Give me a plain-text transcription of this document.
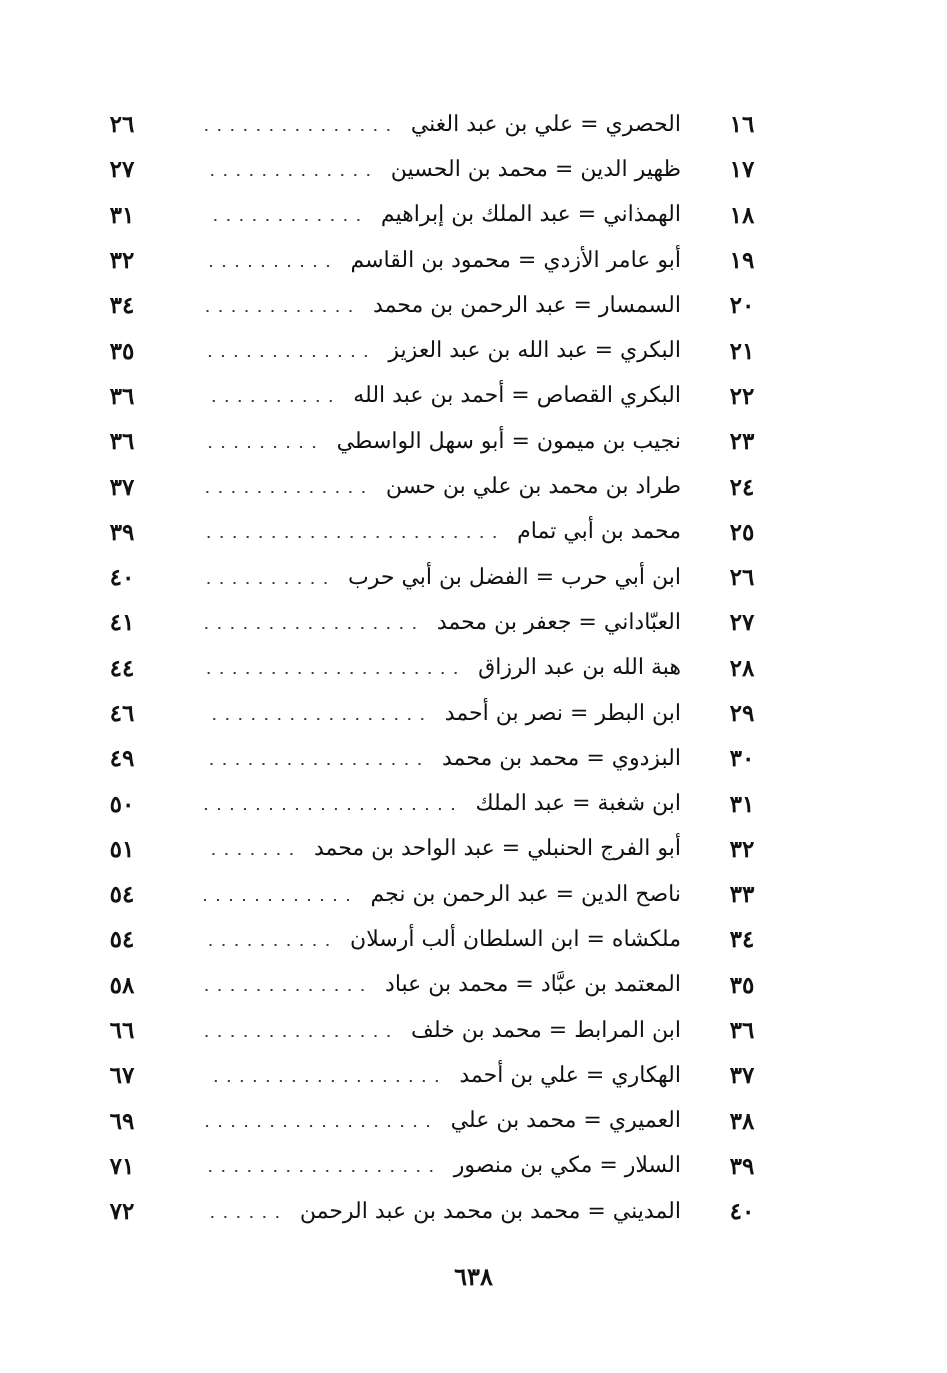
١٦
الحصري = علي بن عبد الغني
٢٦
١٧
ظهير الدين = محمد بن الحسين
٢٧
١٨
الهمذاني = عبد الملك بن إبراهيم
٣١
١٩
أبو عامر الأزدي = محمود بن القاسم
٣٢
٢٠
السمسار = عبد الرحمن بن محمد
٣٤
٢١
البكري = عبد الله بن عبد العزيز
٣٥
٢٢
البكري القصاص = أحمد بن عبد الله
٣٦
٢٣
نجيب بن ميمون = أبو سهل الواسطي
٣٦
٢٤
طراد بن محمد بن علي بن حسن
٣٧
٢٥
محمد بن أبي تمام
٣٩
٢٦
ابن أبي حرب = الفضل بن أبي حرب
٤٠
٢٧
العبّاداني = جعفر بن محمد
٤١
٢٨
هبة الله بن عبد الرزاق
٤٤
٢٩
ابن البطر = نصر بن أحمد
٤٦
٣٠
البزدوي = محمد بن محمد
٤٩
٣١
ابن شغبة = عبد الملك
٥٠
٣٢
أبو الفرج الحنبلي = عبد الواحد بن محمد
٥١
٣٣
ناصح الدين = عبد الرحمن بن نجم
٥٤
٣٤
ملكشاه = ابن السلطان ألب أرسلان
٥٤
٣٥
المعتمد بن عبَّاد = محمد بن عباد
٥٨
٣٦
ابن المرابط = محمد بن خلف
٦٦
٣٧
الهكاري = علي بن أحمد
٦٧
٣٨
العميري = محمد بن علي
٦٩
٣٩
السلار = مكي بن منصور
٧١
٤٠
المديني = محمد بن محمد بن عبد الرحمن
٧٢
٦٣٨
